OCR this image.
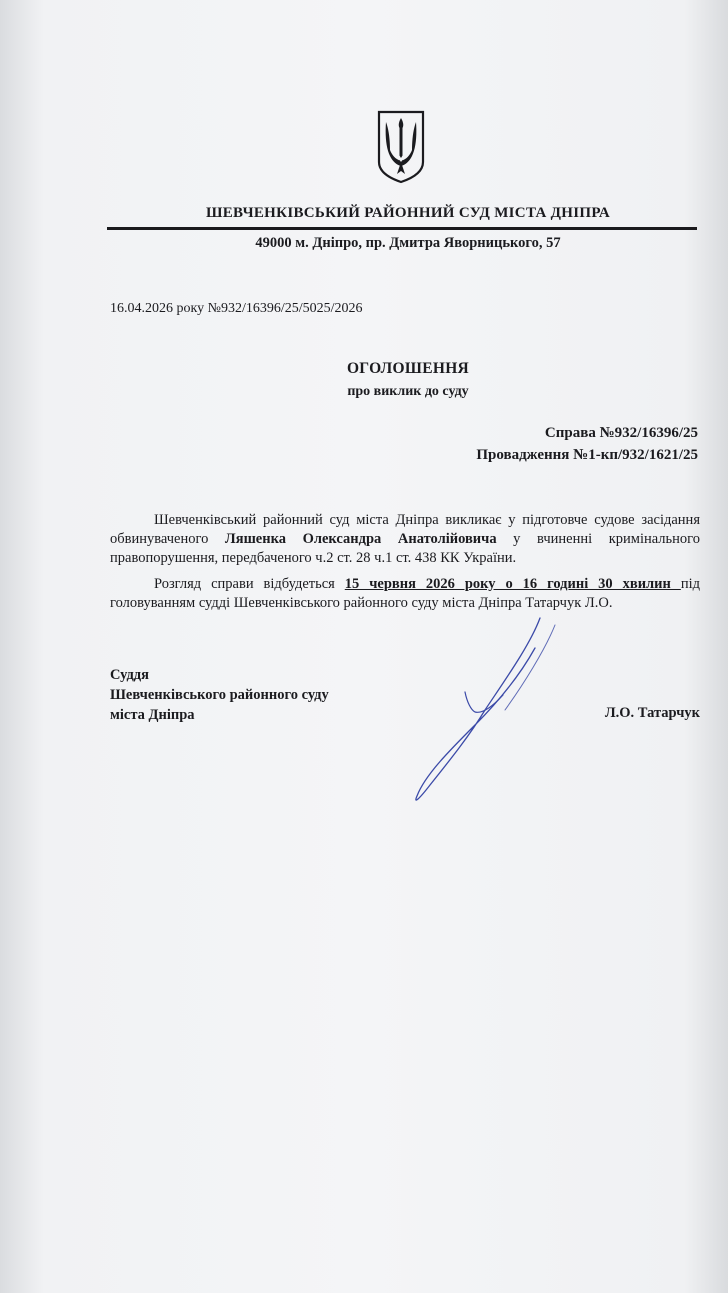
ШЕВЧЕНКІВСЬКИЙ РАЙОННИЙ СУД МІСТА ДНІПРА
49000 м. Дніпро, пр. Дмитра Яворницького, 57
16.04.2026 року №932/16396/25/5025/2026
ОГОЛОШЕННЯ
про виклик до суду
Справа №932/16396/25
Провадження №1-кп/932/1621/25
Шевченківський районний суд міста Дніпра викликає у підготовче судове засідання обвинуваченого Ляшенка Олександра Анатолійовича у вчиненні кримінального правопорушення, передбаченого ч.2 ст. 28 ч.1 ст. 438 КК України.
Розгляд справи відбудеться 15 червня 2026 року о 16 годині 30 хвилин під головуванням судді Шевченківського районного суду міста Дніпра Татарчук Л.О.
Суддя
Шевченківського районного суду
міста Дніпра	Л.О. Татарчук
